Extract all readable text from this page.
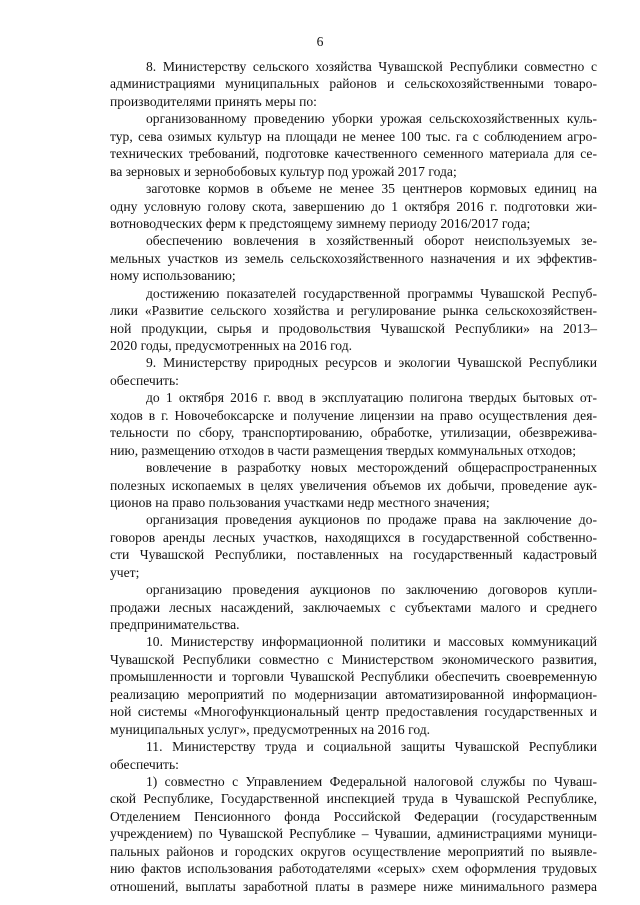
6
8. Министерству сельского хозяйства Чувашской Республики совместно с
администрациями муниципальных районов и сельскохозяйственными товаро-
производителями принять меры по:
организованному проведению уборки урожая сельскохозяйственных куль-
тур, сева озимых культур на площади не менее 100 тыс. га с соблюдением агро-
технических требований, подготовке качественного семенного материала для се-
ва зерновых и зернобобовых культур под урожай 2017 года;
заготовке кормов в объеме не менее 35 центнеров кормовых единиц на
одну условную голову скота, завершению до 1 октября 2016 г. подготовки жи-
вотноводческих ферм к предстоящему зимнему периоду 2016/2017 года;
обеспечению вовлечения в хозяйственный оборот неиспользуемых зе-
мельных участков из земель сельскохозяйственного назначения и их эффектив-
ному использованию;
достижению показателей государственной программы Чувашской Респуб-
лики «Развитие сельского хозяйства и регулирование рынка сельскохозяйствен-
ной продукции, сырья и продовольствия Чувашской Республики» на 2013–
2020 годы, предусмотренных на 2016 год.
9. Министерству природных ресурсов и экологии Чувашской Республики
обеспечить:
до 1 октября 2016 г. ввод в эксплуатацию полигона твердых бытовых от-
ходов в г. Новочебоксарске и получение лицензии на право осуществления дея-
тельности по сбору, транспортированию, обработке, утилизации, обезврежива-
нию, размещению отходов в части размещения твердых коммунальных отходов;
вовлечение в разработку новых месторождений общераспространенных
полезных ископаемых в целях увеличения объемов их добычи, проведение аук-
ционов на право пользования участками недр местного значения;
организация проведения аукционов по продаже права на заключение до-
говоров аренды лесных участков, находящихся в государственной собственно-
сти Чувашской Республики, поставленных на государственный кадастровый
учет;
организацию проведения аукционов по заключению договоров купли-
продажи лесных насаждений, заключаемых с субъектами малого и среднего
предпринимательства.
10. Министерству информационной политики и массовых коммуникаций
Чувашской Республики совместно с Министерством экономического развития,
промышленности и торговли Чувашской Республики обеспечить своевременную
реализацию мероприятий по модернизации автоматизированной информацион-
ной системы «Многофункциональный центр предоставления государственных и
муниципальных услуг», предусмотренных на 2016 год.
11. Министерству труда и социальной защиты Чувашской Республики
обеспечить:
1) совместно с Управлением Федеральной налоговой службы по Чуваш-
ской Республике, Государственной инспекцией труда в Чувашской Республике,
Отделением Пенсионного фонда Российской Федерации (государственным
учреждением) по Чувашской Республике – Чувашии, администрациями муници-
пальных районов и городских округов осуществление мероприятий по выявле-
нию фактов использования работодателями «серых» схем оформления трудовых
отношений, выплаты заработной платы в размере ниже минимального размера
